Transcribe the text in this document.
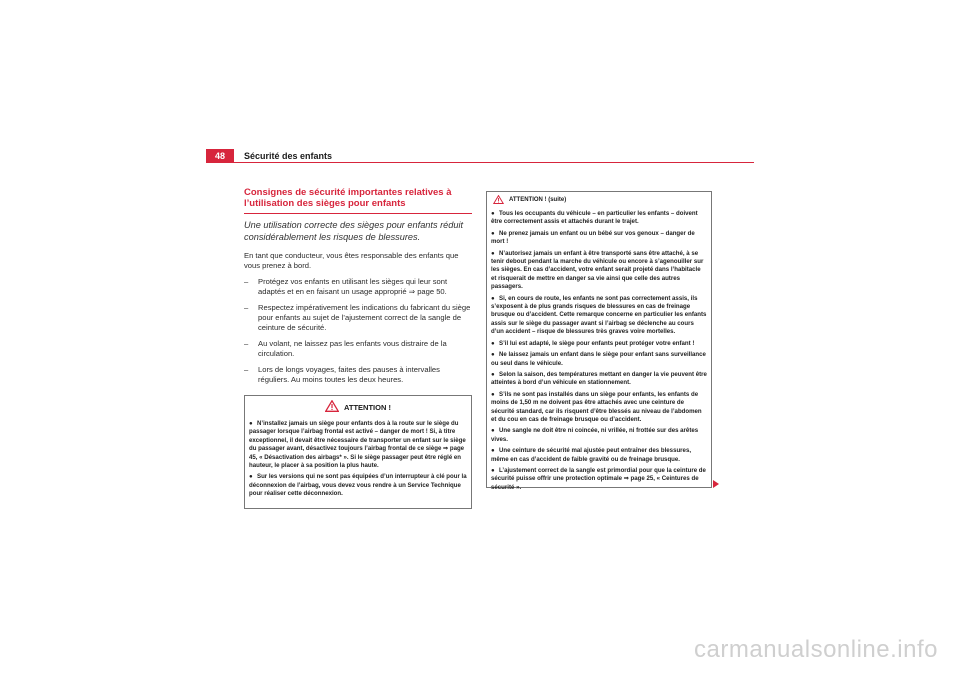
48	Sécurité des enfants
Consignes de sécurité importantes relatives à l’utilisation des sièges pour enfants

Une utilisation correcte des sièges pour enfants réduit considérablement les risques de blessures.

En tant que conducteur, vous êtes responsable des enfants que vous prenez à bord.

– Protégez vos enfants en utilisant les sièges qui leur sont adaptés et en en faisant un usage approprié ⇒ page 50.
– Respectez impérativement les indications du fabricant du siège pour enfants au sujet de l’ajustement correct de la sangle de ceinture de sécurité.
– Au volant, ne laissez pas les enfants vous distraire de la circulation.
– Lors de longs voyages, faites des pauses à intervalles réguliers. Au moins toutes les deux heures.
ATTENTION !

● N’installez jamais un siège pour enfants dos à la route sur le siège du passager lorsque l’airbag frontal est activé – danger de mort ! Si, à titre exceptionnel, il devait être nécessaire de transporter un enfant sur le siège du passager avant, désactivez toujours l’airbag frontal de ce siège ⇒ page 45, « Désactivation des airbags* ». Si le siège passager peut être réglé en hauteur, le placer à sa position la plus haute.

● Sur les versions qui ne sont pas équipées d’un interrupteur à clé pour la déconnexion de l’airbag, vous devez vous rendre à un Service Technique pour réaliser cette déconnexion.

ATTENTION ! (suite)

● Tous les occupants du véhicule – en particulier les enfants – doivent être correctement assis et attachés durant le trajet.

● Ne prenez jamais un enfant ou un bébé sur vos genoux – danger de mort !

● N’autorisez jamais un enfant à être transporté sans être attaché, à se tenir debout pendant la marche du véhicule ou encore à s’agenouiller sur les sièges. En cas d’accident, votre enfant serait projeté dans l’habitacle et risquerait de mettre en danger sa vie ainsi que celle des autres passagers.

● Si, en cours de route, les enfants ne sont pas correctement assis, ils s’exposent à de plus grands risques de blessures en cas de freinage brusque ou d’accident. Cette remarque concerne en particulier les enfants assis sur le siège du passager avant si l’airbag se déclenche au cours d’un accident – risque de blessures très graves voire mortelles.

● S’il lui est adapté, le siège pour enfants peut protéger votre enfant !

● Ne laissez jamais un enfant dans le siège pour enfant sans surveillance ou seul dans le véhicule.

● Selon la saison, des températures mettant en danger la vie peuvent être atteintes à bord d’un véhicule en stationnement.

● S’ils ne sont pas installés dans un siège pour enfants, les enfants de moins de 1,50 m ne doivent pas être attachés avec une ceinture de sécurité standard, car ils risquent d’être blessés au niveau de l’abdomen et du cou en cas de freinage brusque ou d’accident.

● Une sangle ne doit être ni coincée, ni vrillée, ni frottée sur des arêtes vives.

● Une ceinture de sécurité mal ajustée peut entraîner des blessures, même en cas d’accident de faible gravité ou de freinage brusque.

● L’ajustement correct de la sangle est primordial pour que la ceinture de sécurité puisse offrir une protection optimale ⇒ page 25, « Ceintures de sécurité ».

carmanualsonline.info
